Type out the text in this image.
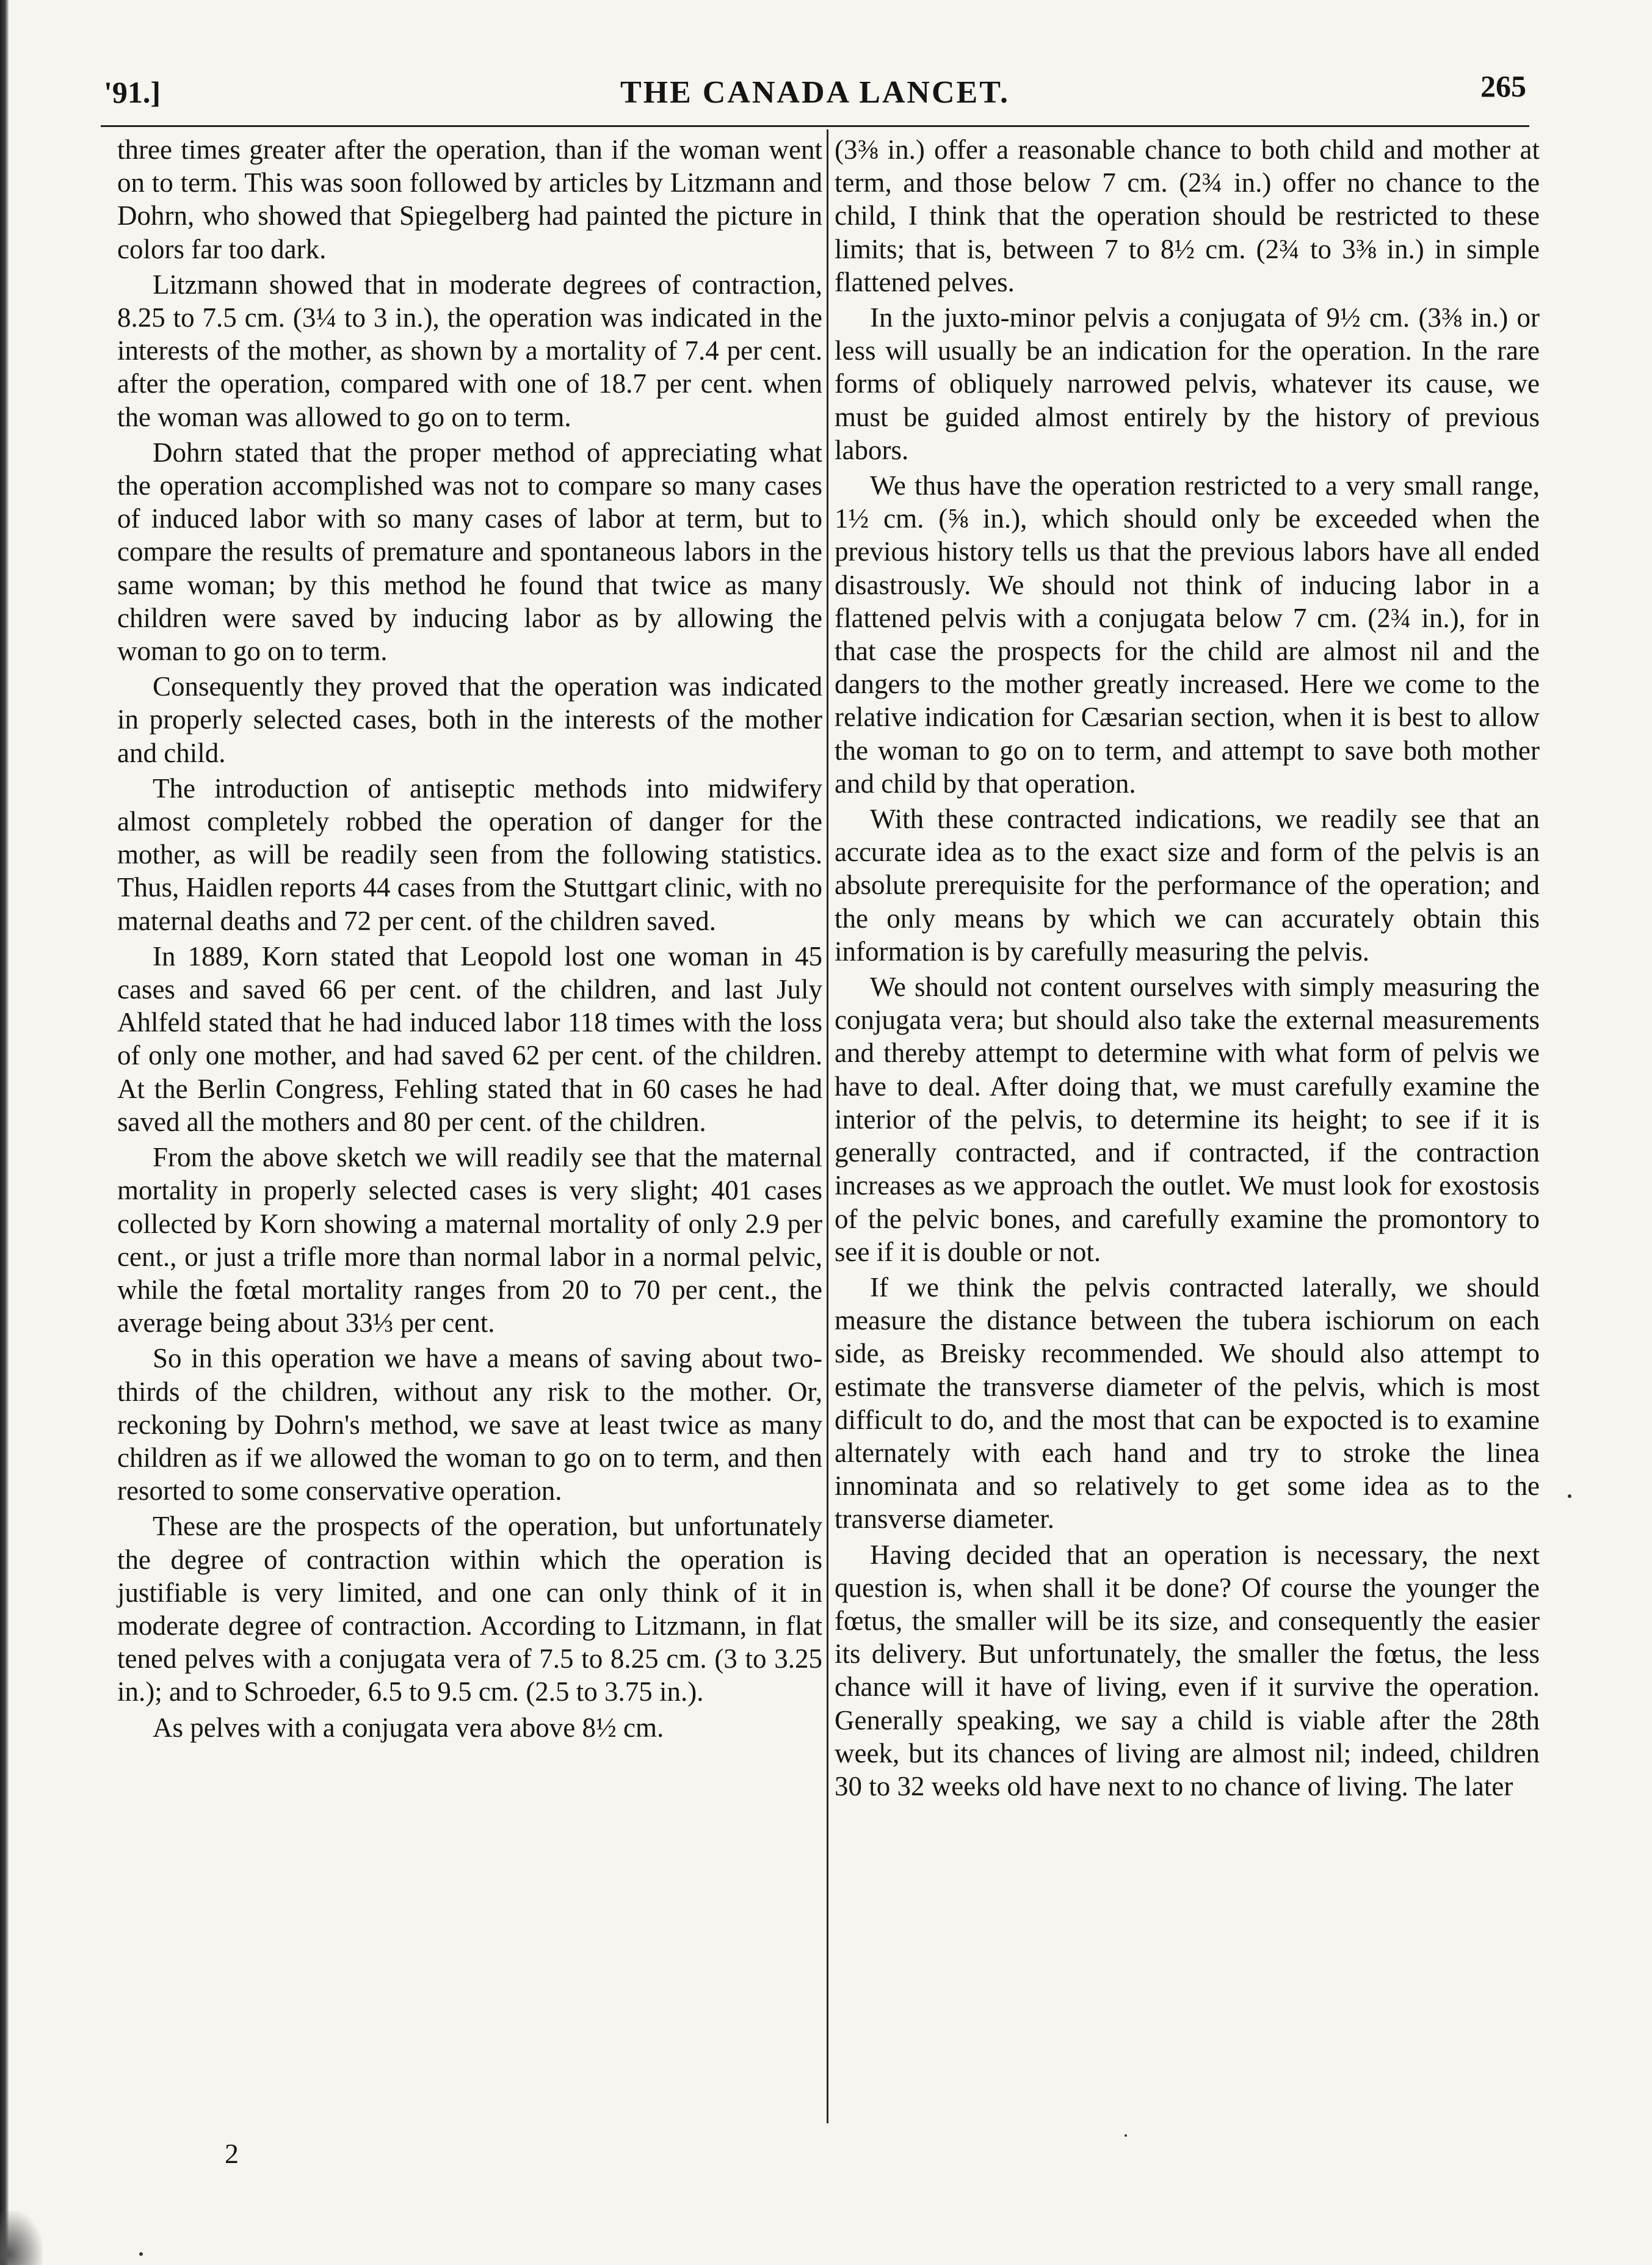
'91.]	THE CANADA LANCET.	265

three times greater after the operation, than if the woman went on to term. This was soon followed by articles by Litzmann and Dohrn, who showed that Spiegelberg had painted the picture in colors far too dark.

Litzmann showed that in moderate degrees of contraction, 8.25 to 7.5 cm. (3¼ to 3 in.), the operation was indicated in the interests of the mother, as shown by a mortality of 7.4 per cent. after the operation, compared with one of 18.7 per cent. when the woman was allowed to go on to term.

Dohrn stated that the proper method of appreciating what the operation accomplished was not to compare so many cases of induced labor with so many cases of labor at term, but to compare the results of premature and spontaneous labors in the same woman; by this method he found that twice as many children were saved by inducing labor as by allowing the woman to go on to term.

Consequently they proved that the operation was indicated in properly selected cases, both in the interests of the mother and child.

The introduction of antiseptic methods into midwifery almost completely robbed the operation of danger for the mother, as will be readily seen from the following statistics. Thus, Haidlen reports 44 cases from the Stuttgart clinic, with no maternal deaths and 72 per cent. of the children saved.

In 1889, Korn stated that Leopold lost one woman in 45 cases and saved 66 per cent. of the children, and last July Ahlfeld stated that he had induced labor 118 times with the loss of only one mother, and had saved 62 per cent. of the children. At the Berlin Congress, Fehling stated that in 60 cases he had saved all the mothers and 80 per cent. of the children.

From the above sketch we will readily see that the maternal mortality in properly selected cases is very slight; 401 cases collected by Korn showing a maternal mortality of only 2.9 per cent., or just a trifle more than normal labor in a normal pelvic, while the fœtal mortality ranges from 20 to 70 per cent., the average being about 33⅓ per cent.

So in this operation we have a means of saving about two-thirds of the children, without any risk to the mother. Or, reckoning by Dohrn's method, we save at least twice as many children as if we allowed the woman to go on to term, and then resorted to some conservative operation.

These are the prospects of the operation, but unfortunately the degree of contraction within which the operation is justifiable is very limited, and one can only think of it in moderate degree of contraction. According to Litzmann, in flat tened pelves with a conjugata vera of 7.5 to 8.25 cm. (3 to 3.25 in.); and to Schroeder, 6.5 to 9.5 cm. (2.5 to 3.75 in.).

As pelves with a conjugata vera above 8½ cm.

(3⅜ in.) offer a reasonable chance to both child and mother at term, and those below 7 cm. (2¾ in.) offer no chance to the child, I think that the operation should be restricted to these limits; that is, between 7 to 8½ cm. (2¾ to 3⅜ in.) in simple flattened pelves.

In the juxto-minor pelvis a conjugata of 9½ cm. (3⅜ in.) or less will usually be an indication for the operation. In the rare forms of obliquely narrowed pelvis, whatever its cause, we must be guided almost entirely by the history of previous labors.

We thus have the operation restricted to a very small range, 1½ cm. (⅝ in.), which should only be exceeded when the previous history tells us that the previous labors have all ended disastrously. We should not think of inducing labor in a flattened pelvis with a conjugata below 7 cm. (2¾ in.), for in that case the prospects for the child are almost nil and the dangers to the mother greatly increased. Here we come to the relative indication for Cæsarian section, when it is best to allow the woman to go on to term, and attempt to save both mother and child by that operation.

With these contracted indications, we readily see that an accurate idea as to the exact size and form of the pelvis is an absolute prerequisite for the performance of the operation; and the only means by which we can accurately obtain this information is by carefully measuring the pelvis.

We should not content ourselves with simply measuring the conjugata vera; but should also take the external measurements and thereby attempt to determine with what form of pelvis we have to deal. After doing that, we must carefully examine the interior of the pelvis, to determine its height; to see if it is generally contracted, and if contracted, if the contraction increases as we approach the outlet. We must look for exostosis of the pelvic bones, and carefully examine the promontory to see if it is double or not.

If we think the pelvis contracted laterally, we should measure the distance between the tubera ischiorum on each side, as Breisky recommended. We should also attempt to estimate the transverse diameter of the pelvis, which is most difficult to do, and the most that can be expocted is to examine alternately with each hand and try to stroke the linea innominata and so relatively to get some idea as to the transverse diameter.

Having decided that an operation is necessary, the next question is, when shall it be done? Of course the younger the fœtus, the smaller will be its size, and consequently the easier its delivery. But unfortunately, the smaller the fœtus, the less chance will it have of living, even if it survive the operation. Generally speaking, we say a child is viable after the 28th week, but its chances of living are almost nil; indeed, children 30 to 32 weeks old have next to no chance of living. The later

2
